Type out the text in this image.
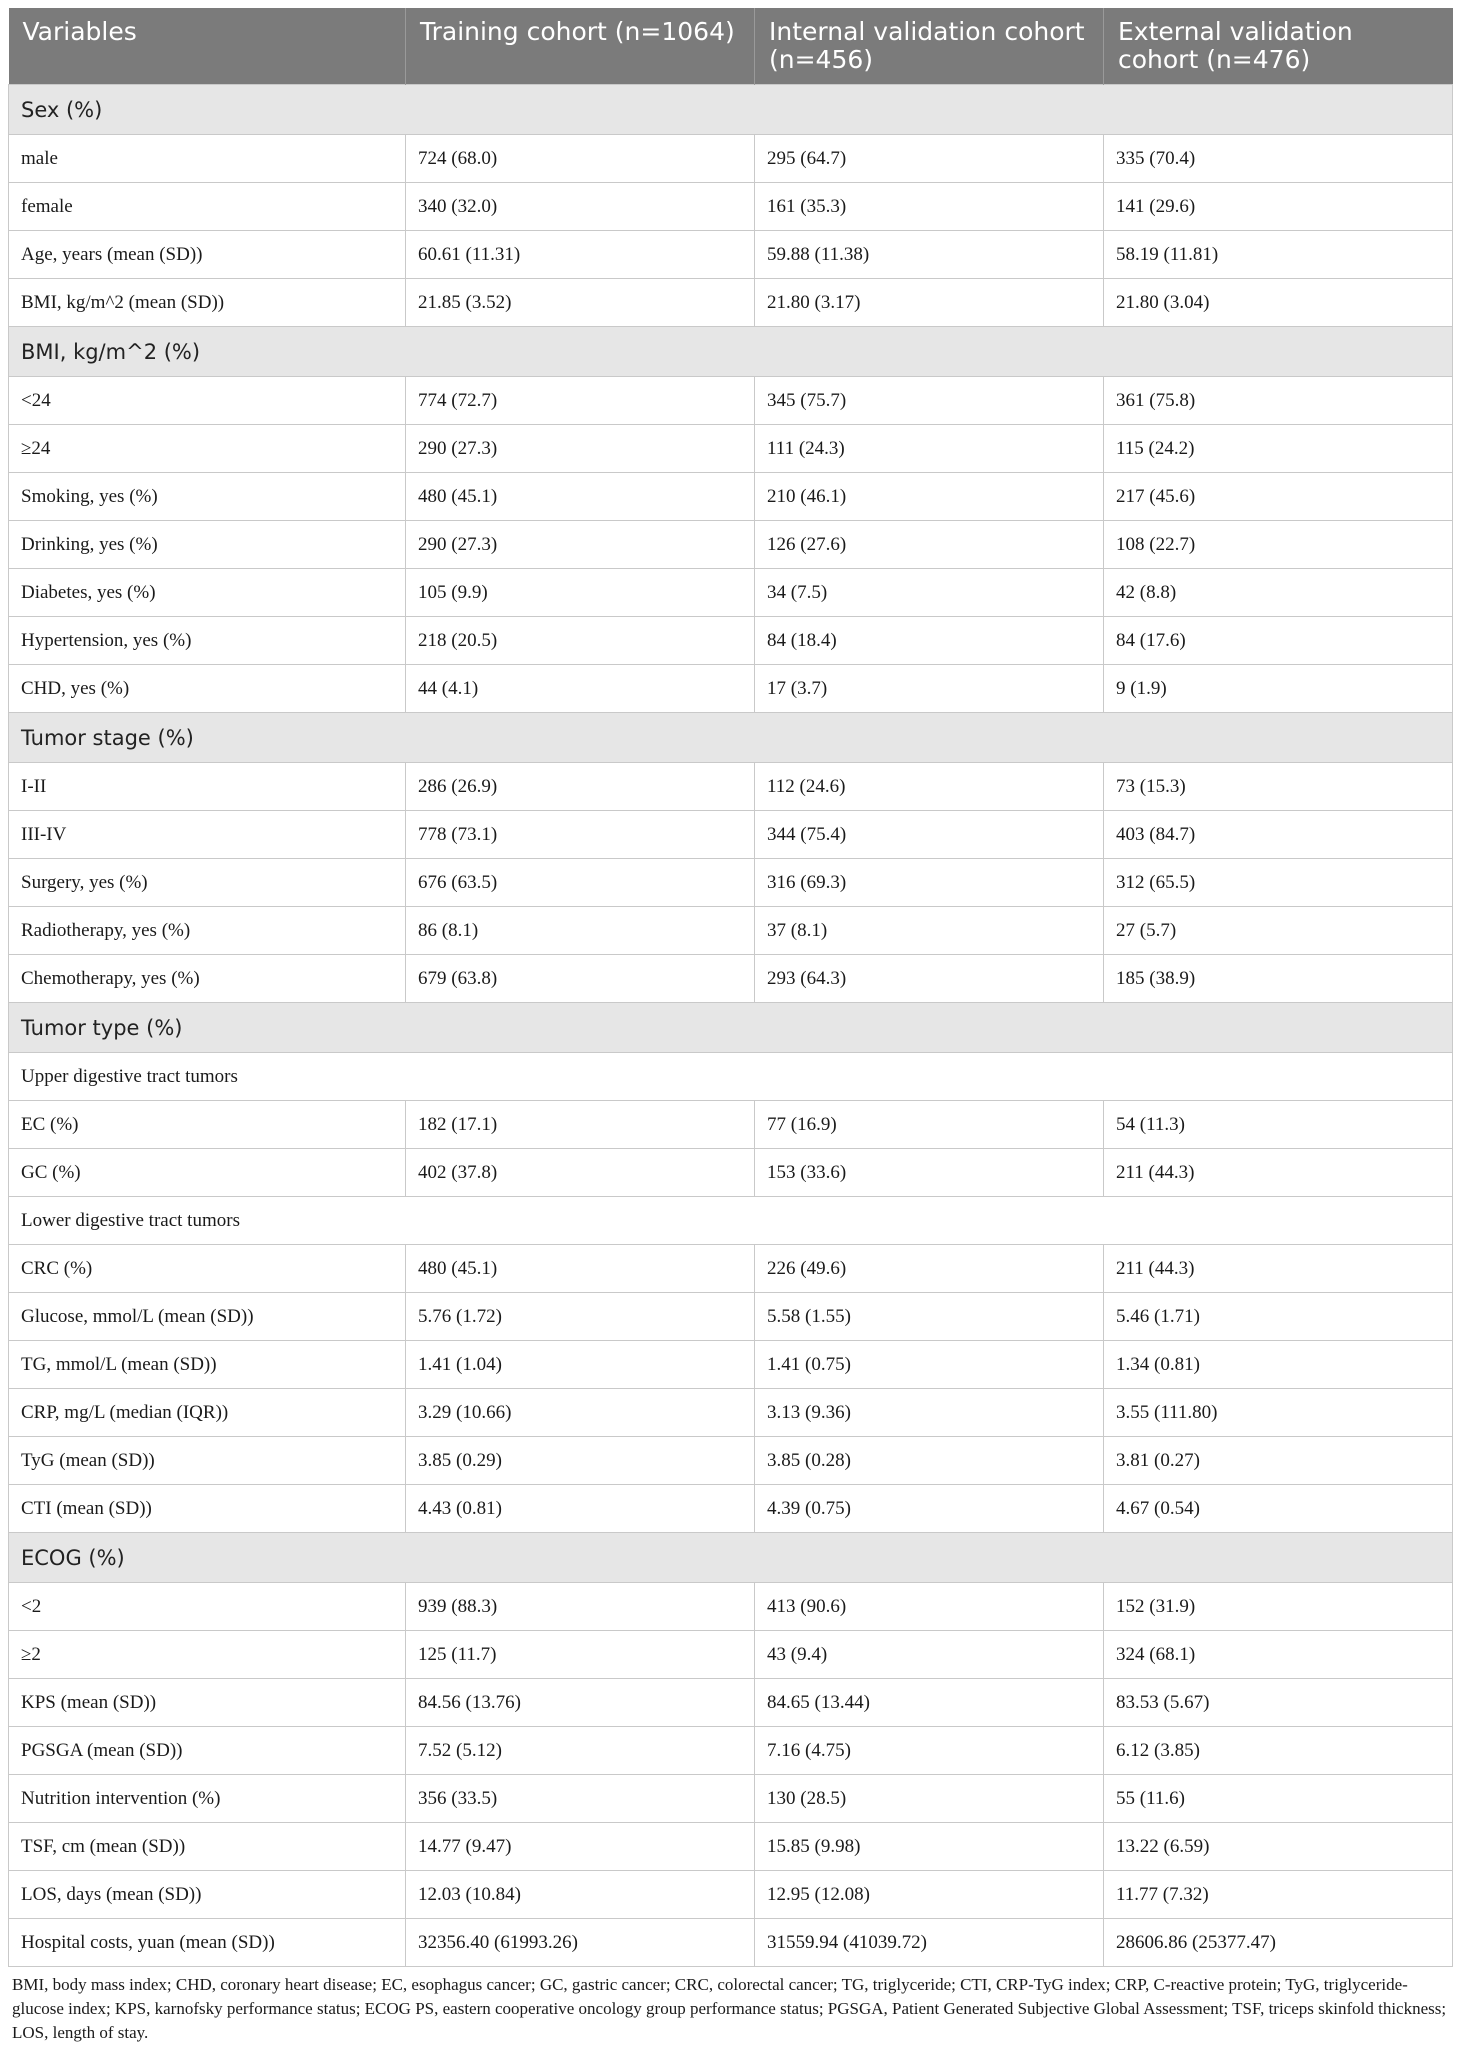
Variables	Training cohort (n=1064)	Internal validation cohort (n=456)	External validation cohort (n=476)
Sex (%)			
male	724 (68.0)	295 (64.7)	335 (70.4)
female	340 (32.0)	161 (35.3)	141 (29.6)
Age, years (mean (SD))	60.61 (11.31)	59.88 (11.38)	58.19 (11.81)
BMI, kg/m^2 (mean (SD))	21.85 (3.52)	21.80 (3.17)	21.80 (3.04)
BMI, kg/m^2 (%)			
<24	774 (72.7)	345 (75.7)	361 (75.8)
≥24	290 (27.3)	111 (24.3)	115 (24.2)
Smoking, yes (%)	480 (45.1)	210 (46.1)	217 (45.6)
Drinking, yes (%)	290 (27.3)	126 (27.6)	108 (22.7)
Diabetes, yes (%)	105 (9.9)	34 (7.5)	42 (8.8)
Hypertension, yes (%)	218 (20.5)	84 (18.4)	84 (17.6)
CHD, yes (%)	44 (4.1)	17 (3.7)	9 (1.9)
Tumor stage (%)			
I-II	286 (26.9)	112 (24.6)	73 (15.3)
III-IV	778 (73.1)	344 (75.4)	403 (84.7)
Surgery, yes (%)	676 (63.5)	316 (69.3)	312 (65.5)
Radiotherapy, yes (%)	86 (8.1)	37 (8.1)	27 (5.7)
Chemotherapy, yes (%)	679 (63.8)	293 (64.3)	185 (38.9)
Tumor type (%)			
Upper digestive tract tumors			
EC (%)	182 (17.1)	77 (16.9)	54 (11.3)
GC (%)	402 (37.8)	153 (33.6)	211 (44.3)
Lower digestive tract tumors			
CRC (%)	480 (45.1)	226 (49.6)	211 (44.3)
Glucose, mmol/L (mean (SD))	5.76 (1.72)	5.58 (1.55)	5.46 (1.71)
TG, mmol/L (mean (SD))	1.41 (1.04)	1.41 (0.75)	1.34 (0.81)
CRP, mg/L (median (IQR))	3.29 (10.66)	3.13 (9.36)	3.55 (111.80)
TyG (mean (SD))	3.85 (0.29)	3.85 (0.28)	3.81 (0.27)
CTI (mean (SD))	4.43 (0.81)	4.39 (0.75)	4.67 (0.54)
ECOG (%)			
<2	939 (88.3)	413 (90.6)	152 (31.9)
≥2	125 (11.7)	43 (9.4)	324 (68.1)
KPS (mean (SD))	84.56 (13.76)	84.65 (13.44)	83.53 (5.67)
PGSGA (mean (SD))	7.52 (5.12)	7.16 (4.75)	6.12 (3.85)
Nutrition intervention (%)	356 (33.5)	130 (28.5)	55 (11.6)
TSF, cm (mean (SD))	14.77 (9.47)	15.85 (9.98)	13.22 (6.59)
LOS, days (mean (SD))	12.03 (10.84)	12.95 (12.08)	11.77 (7.32)
Hospital costs, yuan (mean (SD))	32356.40 (61993.26)	31559.94 (41039.72)	28606.86 (25377.47)
BMI, body mass index; CHD, coronary heart disease; EC, esophagus cancer; GC, gastric cancer; CRC, colorectal cancer; TG, triglyceride; CTI, CRP-TyG index; CRP, C-reactive protein; TyG, triglyceride-glucose index; KPS, karnofsky performance status; ECOG PS, eastern cooperative oncology group performance status; PGSGA, Patient Generated Subjective Global Assessment; TSF, triceps skinfold thickness; LOS, length of stay.
